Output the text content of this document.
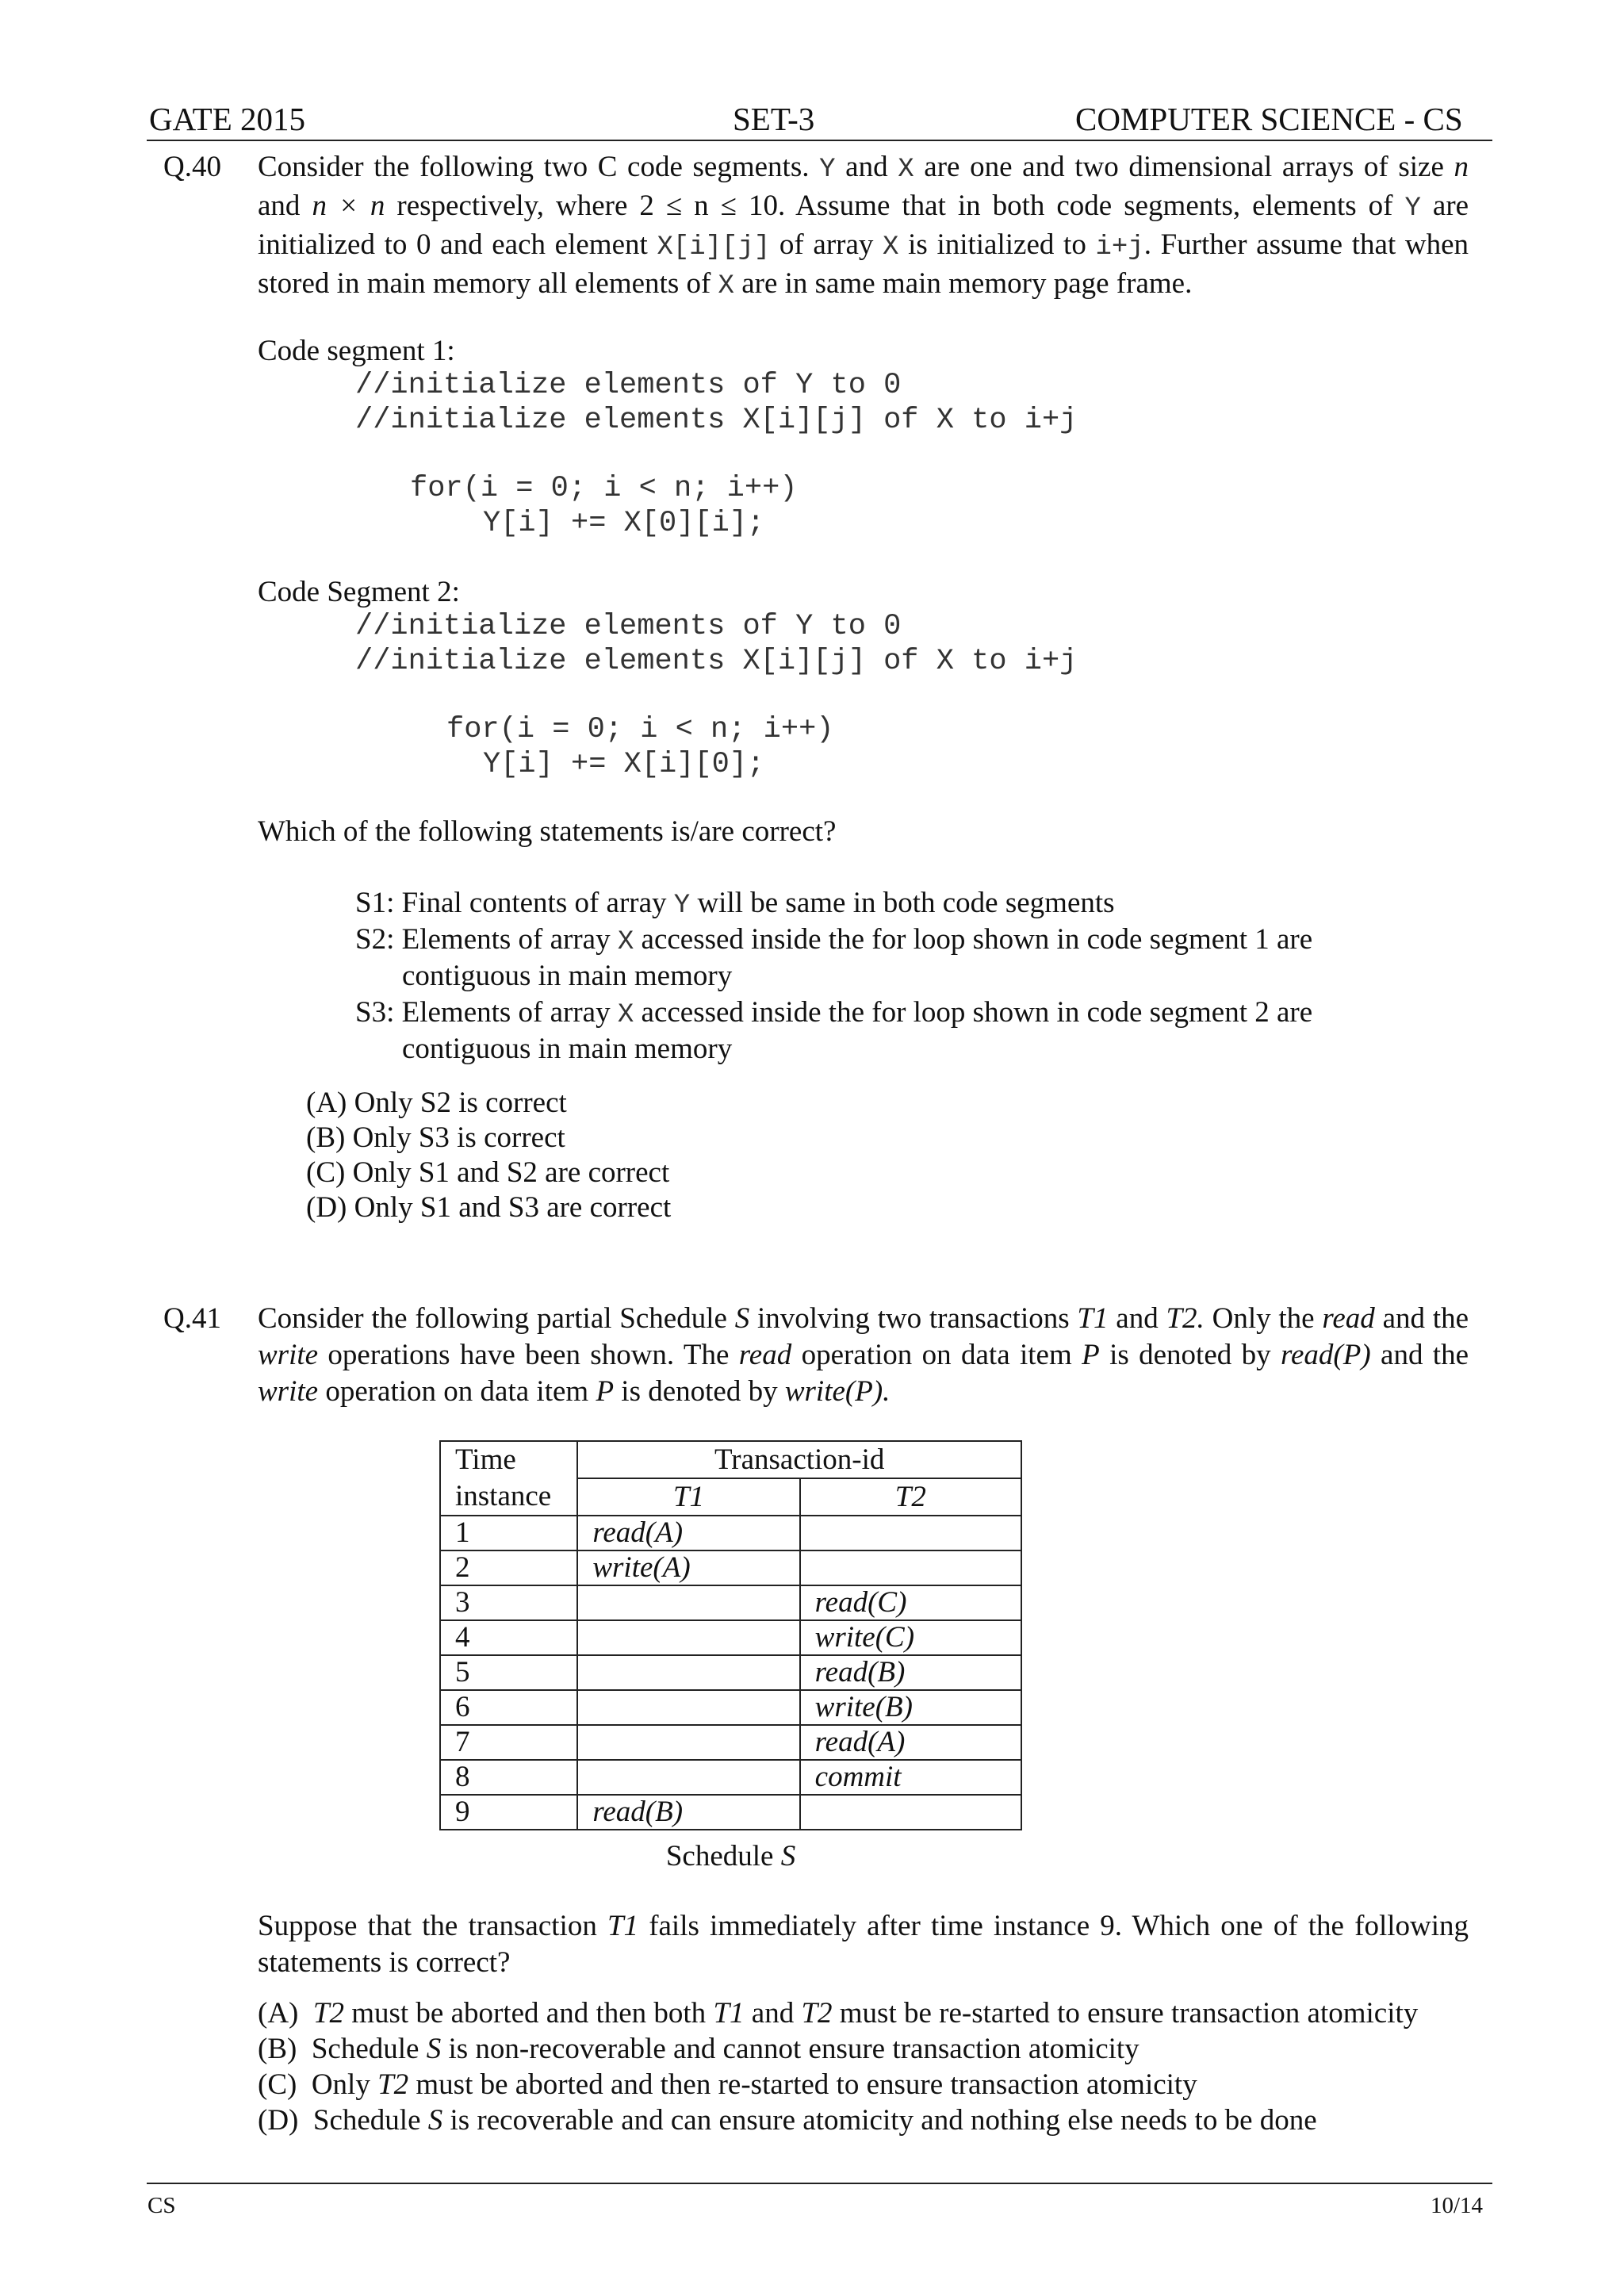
GATE 2015	SET-3	COMPUTER SCIENCE - CS
Q.40 Consider the following two C code segments. Y and X are one and two dimensional arrays of size n and n × n respectively, where 2 ≤ n ≤ 10. Assume that in both code segments, elements of Y are initialized to 0 and each element X[i][j] of array X is initialized to i+j. Further assume that when stored in main memory all elements of X are in same main memory page frame.
Code segment 1:
//initialize elements of Y to 0
//initialize elements X[i][j] of X to i+j
for(i = 0; i < n; i++)
Y[i] += X[0][i];
Code Segment 2:
//initialize elements of Y to 0
//initialize elements X[i][j] of X to i+j
for(i = 0; i < n; i++)
Y[i] += X[i][0];
Which of the following statements is/are correct?
S1: Final contents of array Y will be same in both code segments
S2: Elements of array X accessed inside the for loop shown in code segment 1 are
contiguous in main memory
S3: Elements of array X accessed inside the for loop shown in code segment 2 are
contiguous in main memory
(A) Only S2 is correct
(B) Only S3 is correct
(C) Only S1 and S2 are correct
(D) Only S1 and S3 are correct
Q.41 Consider the following partial Schedule S involving two transactions T1 and T2. Only the read and the write operations have been shown. The read operation on data item P is denoted by read(P) and the write operation on data item P is denoted by write(P).
Time
instance	Transaction-id	
	T1	T2
1	read(A)	
2	write(A)	
3		read(C)
4		write(C)
5		read(B)
6		write(B)
7		read(A)
8		commit
9	read(B)	
Schedule S
Suppose that the transaction T1 fails immediately after time instance 9. Which one of the following statements is correct?
(A) T2 must be aborted and then both T1 and T2 must be re-started to ensure transaction atomicity
(B) Schedule S is non-recoverable and cannot ensure transaction atomicity
(C) Only T2 must be aborted and then re-started to ensure transaction atomicity
(D) Schedule S is recoverable and can ensure atomicity and nothing else needs to be done
CS	10/14
